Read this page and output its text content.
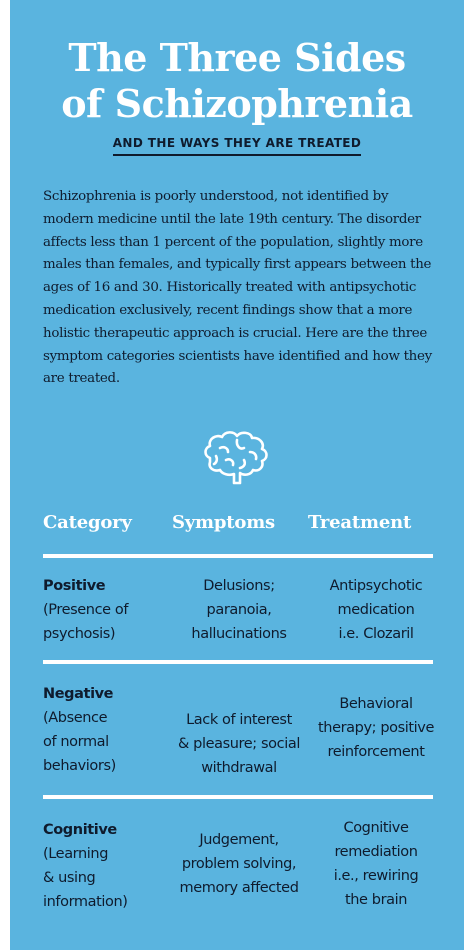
The Three Sides
of Schizophrenia
AND THE WAYS THEY ARE TREATED
Schizophrenia is poorly understood, not identified by modern medicine until the late 19th century. The disorder affects less than 1 percent of the population, slightly more males than females, and typically first appears between the ages of 16 and 30. Historically treated with antipsychotic medication exclusively, recent findings show that a more holistic therapeutic approach is crucial. Here are the three symptom categories scientists have identified and how they are treated.
Category Symptoms Treatment
Positive
(Presence of
psychosis)
Delusions;
paranoia,
hallucinations
Antipsychotic
medication
i.e. Clozaril
Negative
(Absence
of normal
behaviors)
Lack of interest
& pleasure; social
withdrawal
Behavioral
therapy; positive
reinforcement
Cognitive
(Learning
& using
information)
Judgement,
problem solving,
memory affected
Cognitive
remediation
i.e., rewiring
the brain
